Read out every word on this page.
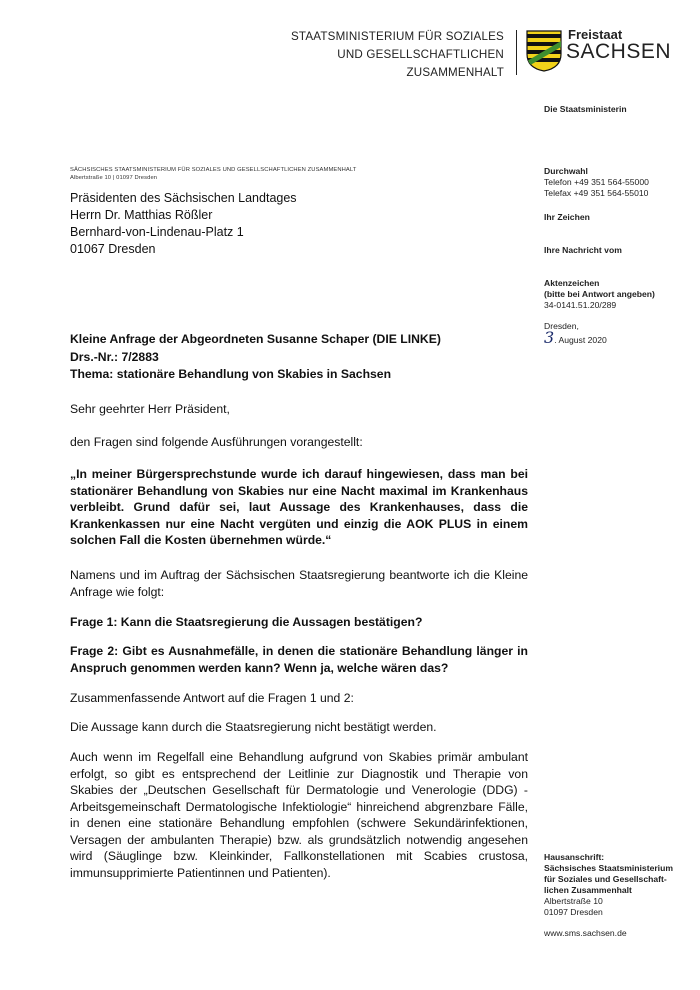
STAATSMINISTERIUM FÜR SOZIALES
UND GESELLSCHAFTLICHEN
ZUSAMMENHALT
Freistaat
SACHSEN
Die Staatsministerin
SÄCHSISCHES STAATSMINISTERIUM FÜR SOZIALES UND GESELLSCHAFTLICHEN ZUSAMMENHALT
Albertstraße 10 | 01097 Dresden
Präsidenten des Sächsischen Landtages
Herrn Dr. Matthias Rößler
Bernhard-von-Lindenau-Platz 1
01067 Dresden
Durchwahl
Telefon +49 351 564-55000
Telefax +49 351 564-55010
Ihr Zeichen
Ihre Nachricht vom
Aktenzeichen
(bitte bei Antwort angeben)
34-0141.51.20/289
Dresden,
3. August 2020
Kleine Anfrage der Abgeordneten Susanne Schaper (DIE LINKE)
Drs.-Nr.: 7/2883
Thema: stationäre Behandlung von Skabies in Sachsen
Sehr geehrter Herr Präsident,
den Fragen sind folgende Ausführungen vorangestellt:
„In meiner Bürgersprechstunde wurde ich darauf hingewiesen, dass man bei stationärer Behandlung von Skabies nur eine Nacht maximal im Krankenhaus verbleibt. Grund dafür sei, laut Aussage des Krankenhauses, dass die Krankenkassen nur eine Nacht vergüten und einzig die AOK PLUS in einem solchen Fall die Kosten übernehmen würde.“
Namens und im Auftrag der Sächsischen Staatsregierung beantworte ich die Kleine Anfrage wie folgt:
Frage 1: Kann die Staatsregierung die Aussagen bestätigen?
Frage 2: Gibt es Ausnahmefälle, in denen die stationäre Behandlung länger in Anspruch genommen werden kann? Wenn ja, welche wären das?
Zusammenfassende Antwort auf die Fragen 1 und 2:
Die Aussage kann durch die Staatsregierung nicht bestätigt werden.
Auch wenn im Regelfall eine Behandlung aufgrund von Skabies primär ambulant erfolgt, so gibt es entsprechend der Leitlinie zur Diagnostik und Therapie von Skabies der „Deutschen Gesellschaft für Dermatologie und Venerologie (DDG) - Arbeitsgemeinschaft Dermatologische Infektiologie“ hinreichend abgrenzbare Fälle, in denen eine stationäre Behandlung empfohlen (schwere Sekundärinfektionen, Versagen der ambulanten Therapie) bzw. als grundsätzlich notwendig angesehen wird (Säuglinge bzw. Kleinkinder, Fallkonstellationen mit Scabies crustosa, immunsupprimierte Patientinnen und Patienten).
Hausanschrift:
Sächsisches Staatsministerium
für Soziales und Gesellschaft-
lichen Zusammenhalt
Albertstraße 10
01097 Dresden
www.sms.sachsen.de
